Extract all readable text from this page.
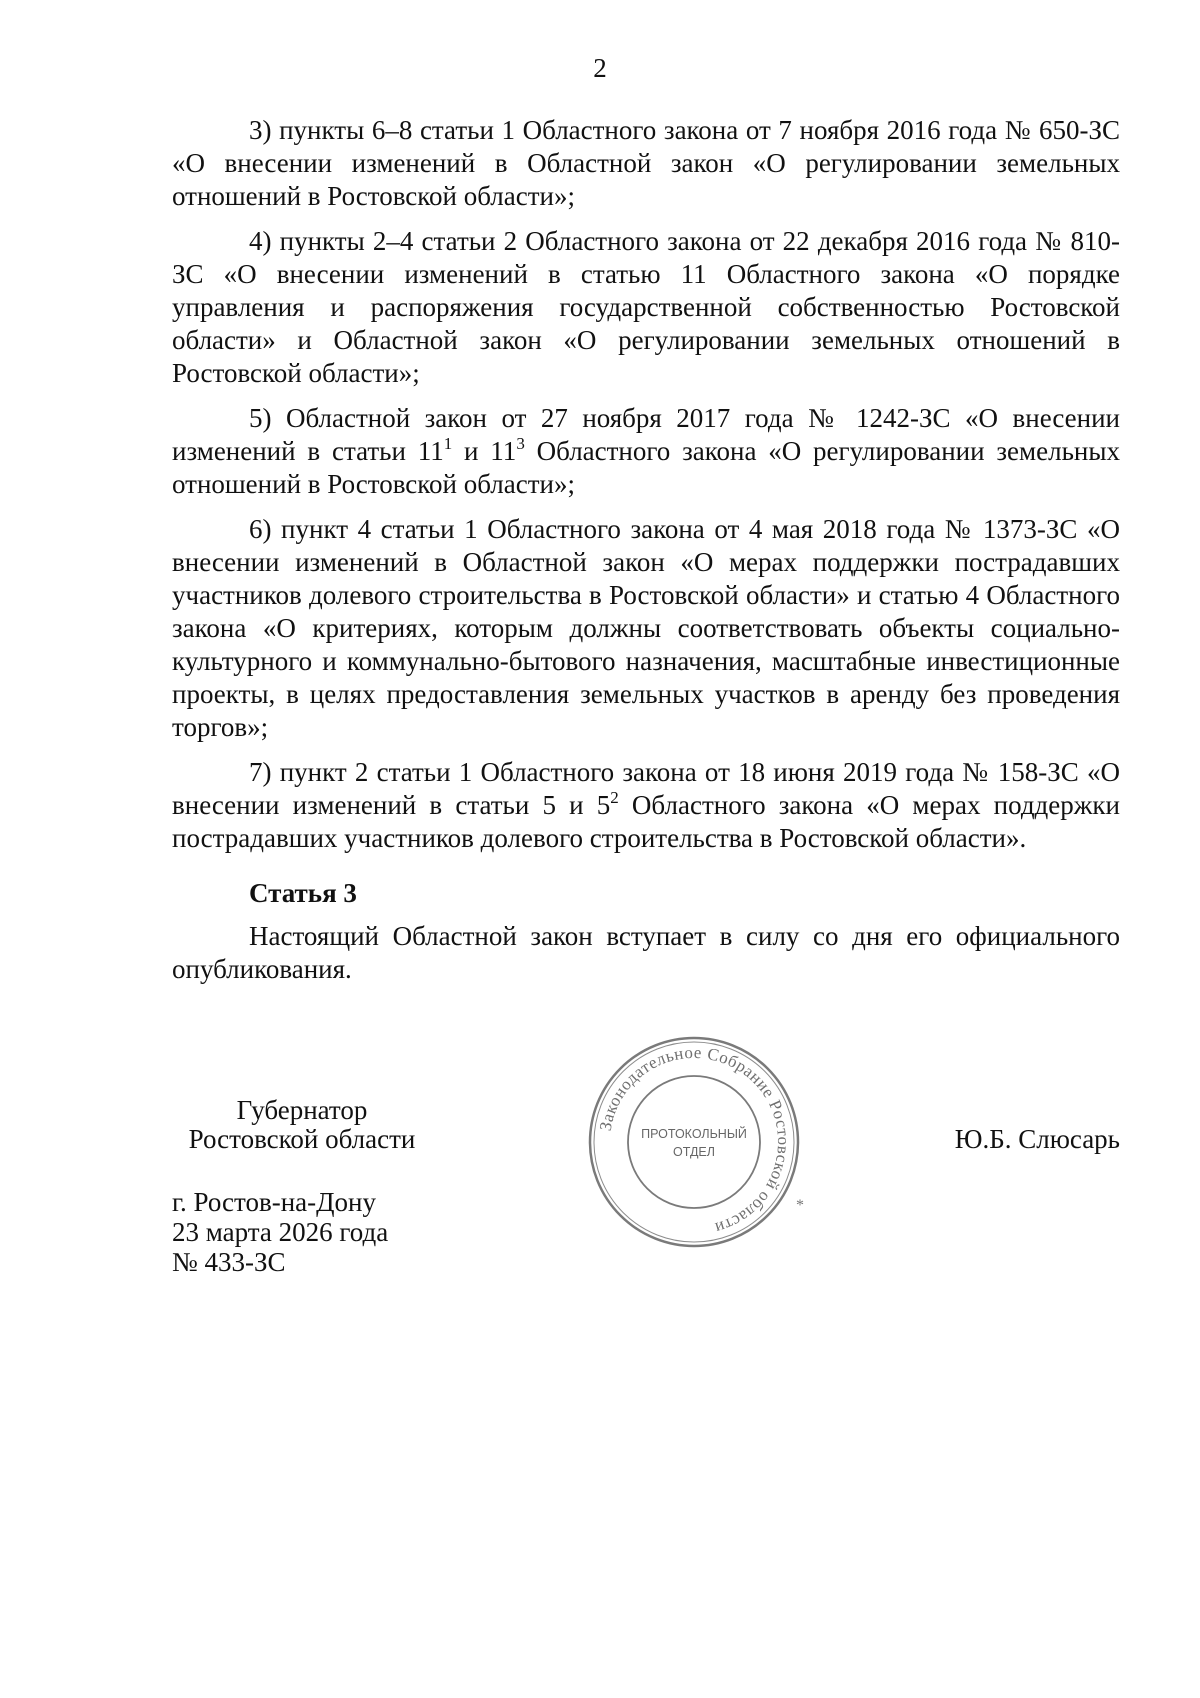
2

3) пункты 6–8 статьи 1 Областного закона от 7 ноября 2016 года № 650-ЗС «О внесении изменений в Областной закон «О регулировании земельных отношений в Ростовской области»;

4) пункты 2–4 статьи 2 Областного закона от 22 декабря 2016 года № 810-ЗС «О внесении изменений в статью 11 Областного закона «О порядке управления и распоряжения государственной собственностью Ростовской области» и Областной закон «О регулировании земельных отношений в Ростовской области»;

5) Областной закон от 27 ноября 2017 года № 1242-ЗС «О внесении изменений в статьи $11^1$ и $11^3$ Областного закона «О регулировании земельных отношений в Ростовской области»;

6) пункт 4 статьи 1 Областного закона от 4 мая 2018 года № 1373-ЗС «О внесении изменений в Областной закон «О мерах поддержки пострадавших участников долевого строительства в Ростовской области» и статью 4 Областного закона «О критериях, которым должны соответствовать объекты социально-культурного и коммунально-бытового назначения, масштабные инвестиционные проекты, в целях предоставления земельных участков в аренду без проведения торгов»;

7) пункт 2 статьи 1 Областного закона от 18 июня 2019 года № 158-ЗС «О внесении изменений в статьи 5 и $5^2$ Областного закона «О мерах поддержки пострадавших участников долевого строительства в Ростовской области».

Статья 3

Настоящий Областной закон вступает в силу со дня его официального опубликования.

Губернатор
Ростовской области	Ю.Б. Слюсарь
г. Ростов-на-Дону
23 марта 2026 года
№ 433-ЗС
Законодательное Собрание Ростовской области
*
ПРОТОКОЛЬНЫЙ
ОТДЕЛ
